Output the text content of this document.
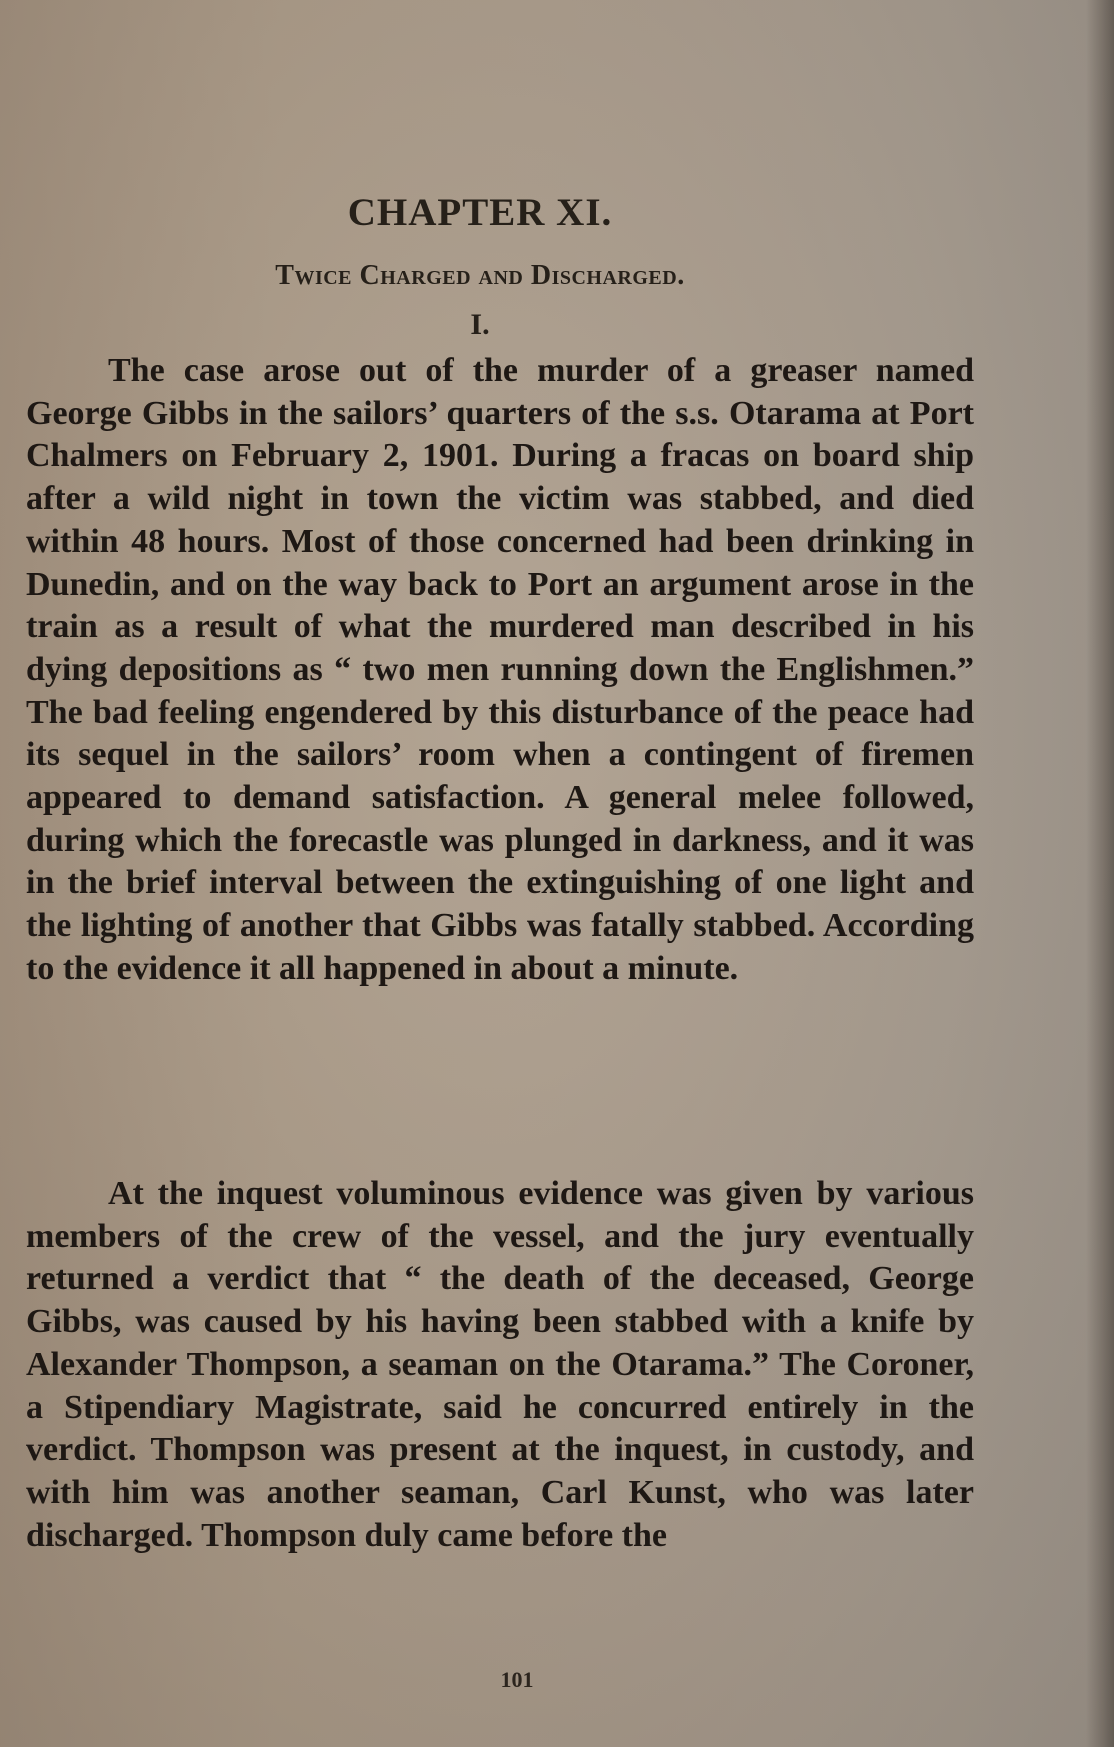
CHAPTER XI.
Twice Charged and Discharged.
I.

The case arose out of the murder of a greaser named George Gibbs in the sailors’ quarters of the s.s. Otarama at Port Chalmers on February 2, 1901. During a fracas on board ship after a wild night in town the victim was stabbed, and died within 48 hours. Most of those concerned had been drinking in Dunedin, and on the way back to Port an argument arose in the train as a result of what the murdered man described in his dying depositions as “ two men running down the Englishmen.” The bad feeling engendered by this disturbance of the peace had its sequel in the sailors’ room when a contingent of firemen appeared to demand satisfaction. A general melee followed, during which the forecastle was plunged in darkness, and it was in the brief interval between the extinguishing of one light and the lighting of another that Gibbs was fatally stabbed. According to the evidence it all happened in about a minute.

At the inquest voluminous evidence was given by various members of the crew of the vessel, and the jury eventually returned a verdict that “ the death of the deceased, George Gibbs, was caused by his having been stabbed with a knife by Alexander Thompson, a seaman on the Otarama.” The Coroner, a Stipendiary Magistrate, said he concurred entirely in the verdict. Thompson was present at the inquest, in custody, and with him was another seaman, Carl Kunst, who was later discharged. Thompson duly came before the

101
